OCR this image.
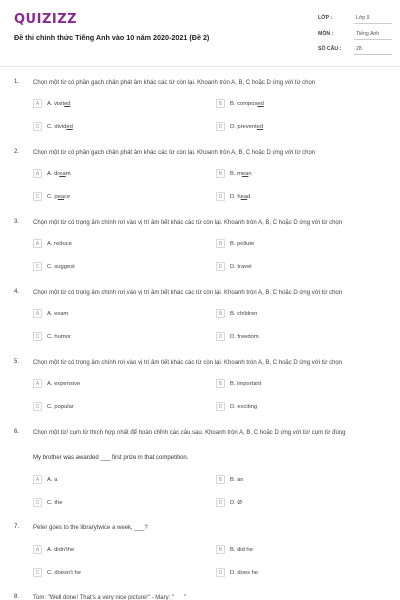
QUIZIZZ
Đề thi chính thức Tiếng Anh vào 10 năm 2020-2021 (Đề 2)
LỚP :	Lớp 9
MÔN :	Tiếng Anh
SỐ CÂU :	28
1. Chọn một từ có phần gạch chân phát âm khác các từ còn lại. Khoanh tròn A, B, C hoặc D ứng với từ chọn
A	A. visited	B	B. composed
C	C. divided	D	D. prevented
2. Chọn một từ có phần gạch chân phát âm khác các từ còn lại. Khoanh tròn A, B, C hoặc D ứng với từ chọn
A	A. dream	B	B. mean
C	C. peace	D	D. head
3. Chọn một từ có trọng âm chính rơi vào vị trí âm tiết khác các từ còn lại. Khoanh tròn A, B, C hoặc D ứng với từ chọn
A	A. reduce	B	B. pollute
C	C. suggest	D	D. travel
4. Chọn một từ có trọng âm chính rơi vào vị trí âm tiết khác các từ còn lại. Khoanh tròn A, B, C hoặc D ứng với từ chọn
A	A. exam	B	B. children
C	C. humor	D	D. freedom
5. Chọn một từ có trọng âm chính rơi vào vị trí âm tiết khác các từ còn lại. Khoanh tròn A, B, C hoặc D ứng với từ chọn
A	A. expensive	B	B. important
C	C. popular	D	D. exciting
6. Chọn một từ/ cụm từ thích hợp nhất để hoàn chỉnh các câu sau. Khoanh tròn A, B, C hoặc D ứng với từ/ cụm từ đúng
My brother was awarded ___ first prize in that competition.
A	A. a	B	B. an
C	C. the	D	D. Ø
7. Peter goes to the librarytwice a week, ___?
A	A. didn'the	B	B. did he
C	C. doesn't he	D	D. does he
8. Tom: "Well done! That's a very nice picture!" - Mary: "___"
